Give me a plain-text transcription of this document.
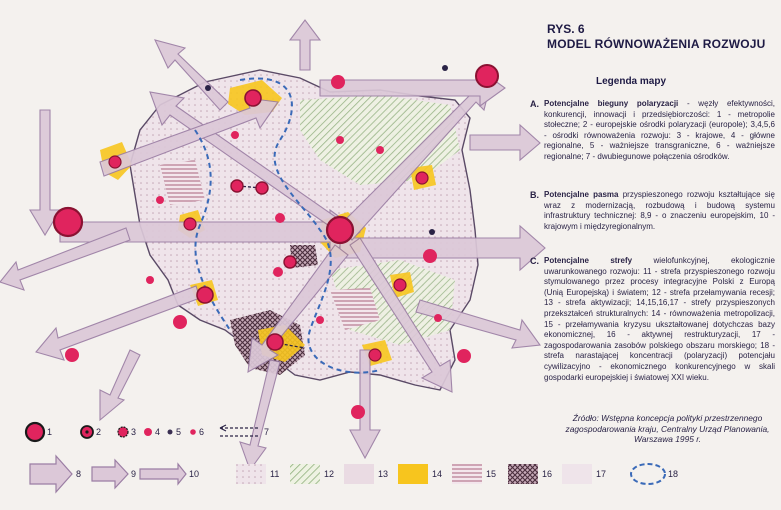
RYS. 6
MODEL RÓWNOWAŻENIA ROZWOJU
Legenda mapy
A. Potencjalne bieguny polaryzacji - węzły efektywności, konkurencji, innowacji i przedsiębiorczości: 1 - metropolie stołeczne; 2 - europejskie ośrodki polaryzacji (europole); 3,4,5,6 - ośrodki równoważenia rozwoju: 3 - krajowe, 4 - główne regionalne, 5 - ważniejsze transgraniczne, 6 - ważniejsze regionalne; 7 - dwubiegunowe połączenia ośrodków.
B. Potencjalne pasma przyspieszonego rozwoju kształtujące się wraz z modernizacją, rozbudową i budową systemu infrastruktury technicznej: 8,9 - o znaczeniu europejskim, 10 - krajowym i międzyregionalnym.
C. Potencjalne strefy wielofunkcyjnej, ekologicznie uwarunkowanego rozwoju: 11 - strefa przyspieszonego rozwoju stymulowanego przez procesy integracyjne Polski z Europą (Unią Europejską) i światem; 12 - strefa przełamywania recesji; 13 - strefa aktywizacji; 14,15,16,17 - strefy przyspieszonych przekształceń strukturalnych: 14 - równoważenia metropolizacji, 15 - przełamywania kryzysu ukształtowanej dotychczas bazy ekonomicznej, 16 - aktywnej restrukturyzacji, 17 - zagospodarowania zasobów polskiego obszaru morskiego; 18 - strefa narastającej koncentracji (polaryzacji) potencjału cywilizacyjno - ekonomicznego konkurencyjnego w skali gospodarki europejskiej i światowej XXI wieku.
Źródło: Wstępna koncepcja polityki przestrzennego zagospodarowania kraju, Centralny Urząd Planowania, Warszawa 1995 r.
1	2	3 4 5 6	7
8	9	10	11	12	13	14	15	16	17	18
